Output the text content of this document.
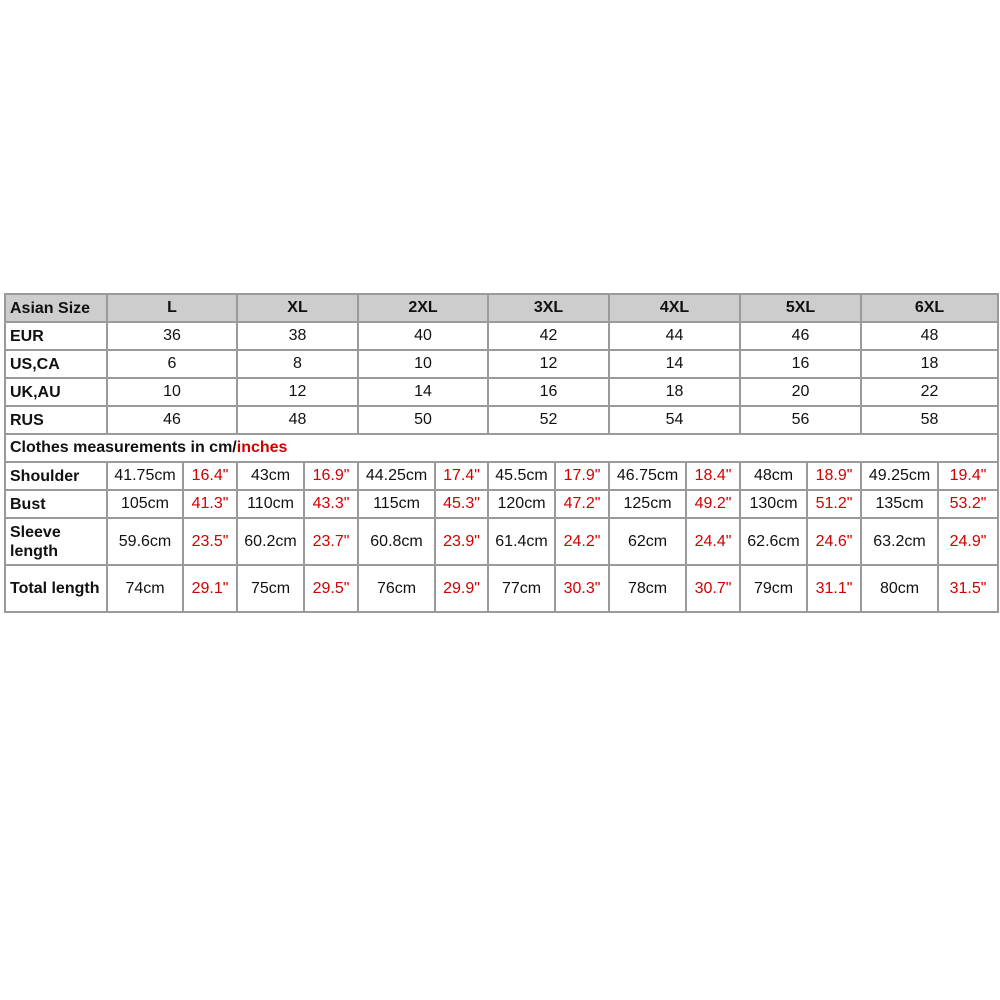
Asian Size	L		XL		2XL		3XL		4XL		5XL		6XL	
EUR	36		38		40		42		44		46		48	
US,CA	6		8		10		12		14		16		18	
UK,AU	10		12		14		16		18		20		22	
RUS	46		48		50		52		54		56		58	
Clothes measurements in cm/inches														
Shoulder	41.75cm	16.4"	43cm	16.9"	44.25cm	17.4"	45.5cm	17.9"	46.75cm	18.4"	48cm	18.9"	49.25cm	19.4"
Bust	105cm	41.3"	110cm	43.3"	115cm	45.3"	120cm	47.2"	125cm	49.2"	130cm	51.2"	135cm	53.2"
Sleeve length	59.6cm	23.5"	60.2cm	23.7"	60.8cm	23.9"	61.4cm	24.2"	62cm	24.4"	62.6cm	24.6"	63.2cm	24.9"
Total length	74cm	29.1"	75cm	29.5"	76cm	29.9"	77cm	30.3"	78cm	30.7"	79cm	31.1"	80cm	31.5"
